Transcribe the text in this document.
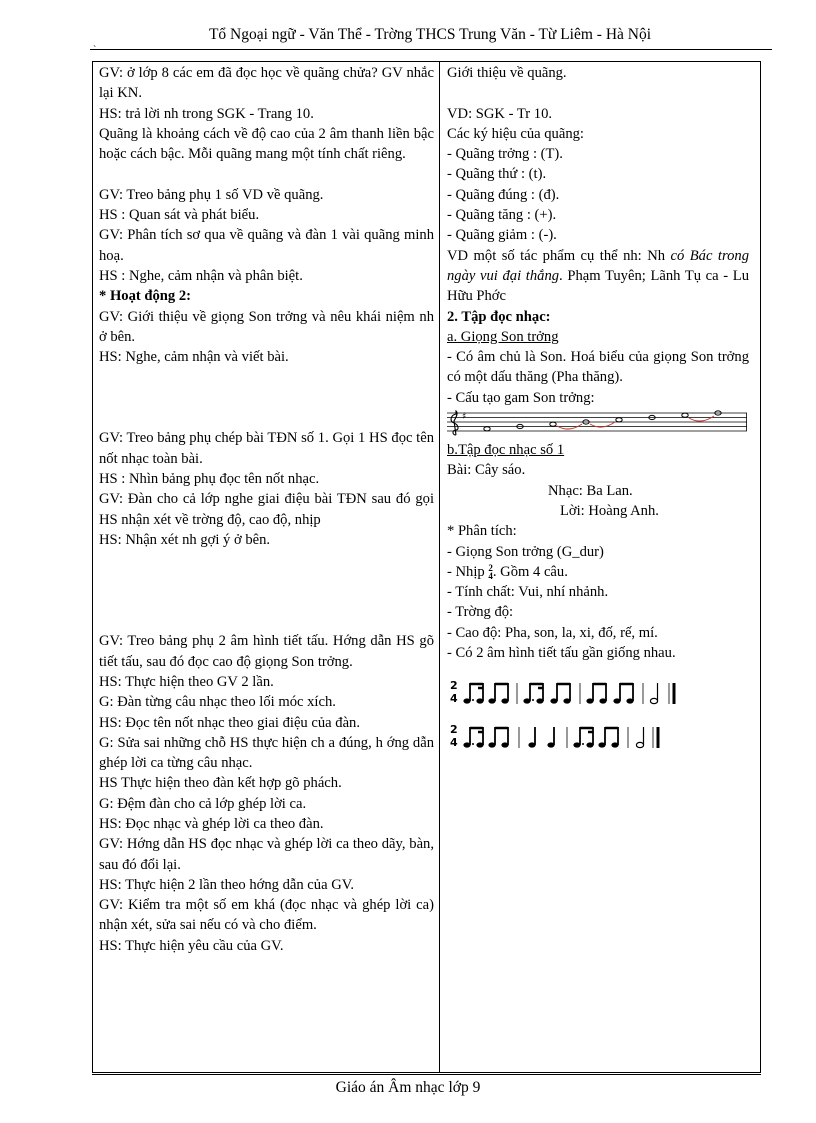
Tổ Ngoại ngữ - Văn Thể - Trờng THCS Trung Văn - Từ Liêm - Hà Nội
`

GV: ở lớp 8 các em đã đọc học về quãng chửa? GV nhắc lại KN.

HS: trả lời nh trong SGK - Trang 10.

Quãng là khoảng cách về độ cao của 2 âm thanh liền bậc hoặc cách bậc. Mỗi quãng mang một tính chất riêng.

GV: Treo bảng phụ 1 số VD về quãng.

HS : Quan sát và phát biểu.

GV: Phân tích sơ qua về quãng và đàn 1 vài quãng minh hoạ.

HS : Nghe, cảm nhận và phân biệt.

* Hoạt động 2:

GV: Giới thiệu về giọng Son trởng và nêu khái niệm nh ở bên.

HS: Nghe, cảm nhận và viết bài.

GV: Treo bảng phụ chép bài TĐN số 1. Gọi 1 HS đọc tên nốt nhạc toàn bài.

HS : Nhìn bảng phụ đọc tên nốt nhạc.

GV: Đàn cho cả lớp nghe giai điệu bài TĐN sau đó gọi HS nhận xét về trờng độ, cao độ, nhịp

HS: Nhận xét nh gợi ý ở bên.

GV: Treo bảng phụ 2 âm hình tiết tấu. Hớng dẫn HS gõ tiết tấu, sau đó đọc cao độ giọng Son trởng.

HS: Thực hiện theo GV 2 lần.

G: Đàn từng câu nhạc theo lối móc xích.

HS: Đọc tên nốt nhạc theo giai điệu của đàn.

G: Sửa sai những chỗ HS thực hiện ch a đúng, h ớng dẫn ghép lời ca từng câu nhạc.

HS Thực hiện theo đàn kết hợp gõ phách.

G: Đệm đàn cho cả lớp ghép lời ca.

HS: Đọc nhạc và ghép lời ca theo đàn.

GV: Hớng dẫn HS đọc nhạc và ghép lời ca theo dãy, bàn, sau đó đổi lại.

HS: Thực hiện 2 lần theo hớng dẫn của GV.

GV: Kiểm tra một số em khá (đọc nhạc và ghép lời ca) nhận xét, sửa sai nếu có và cho điểm.

HS: Thực hiện yêu cầu của GV.

Giới thiệu về quãng.

VD: SGK - Tr 10.

Các ký hiệu của quãng:

- Quãng trởng : (T).

- Quãng thứ : (t).

- Quãng đúng : (đ).

- Quãng tăng : (+).

- Quãng giảm : (-).

VD một số tác phẩm cụ thể nh: Nh có Bác trong ngày vui đại thắng. Phạm Tuyên; Lãnh Tụ ca - Lu Hữu Phớc

2. Tập đọc nhạc:

a. Giọng Son trởng

- Có âm chủ là Son. Hoá biểu của giọng Son trởng có một dấu thăng (Pha thăng).

- Cấu tạo gam Son trởng:

♯

b.Tập đọc nhạc số 1

Bài: Cây sáo.

Nhạc: Ba Lan.

Lời: Hoàng Anh.

* Phân tích:

- Giọng Son trởng (G_dur)

- Nhịp 2
4 . Gồm 4 câu.

- Tính chất: Vui, nhí nhảnh.

- Trờng độ:

- Cao độ: Pha, son, la, xi, đố, rế, mí.

- Có 2 âm hình tiết tấu gần giống nhau.

2
4
2
4
Giáo án Âm nhạc lớp 9
